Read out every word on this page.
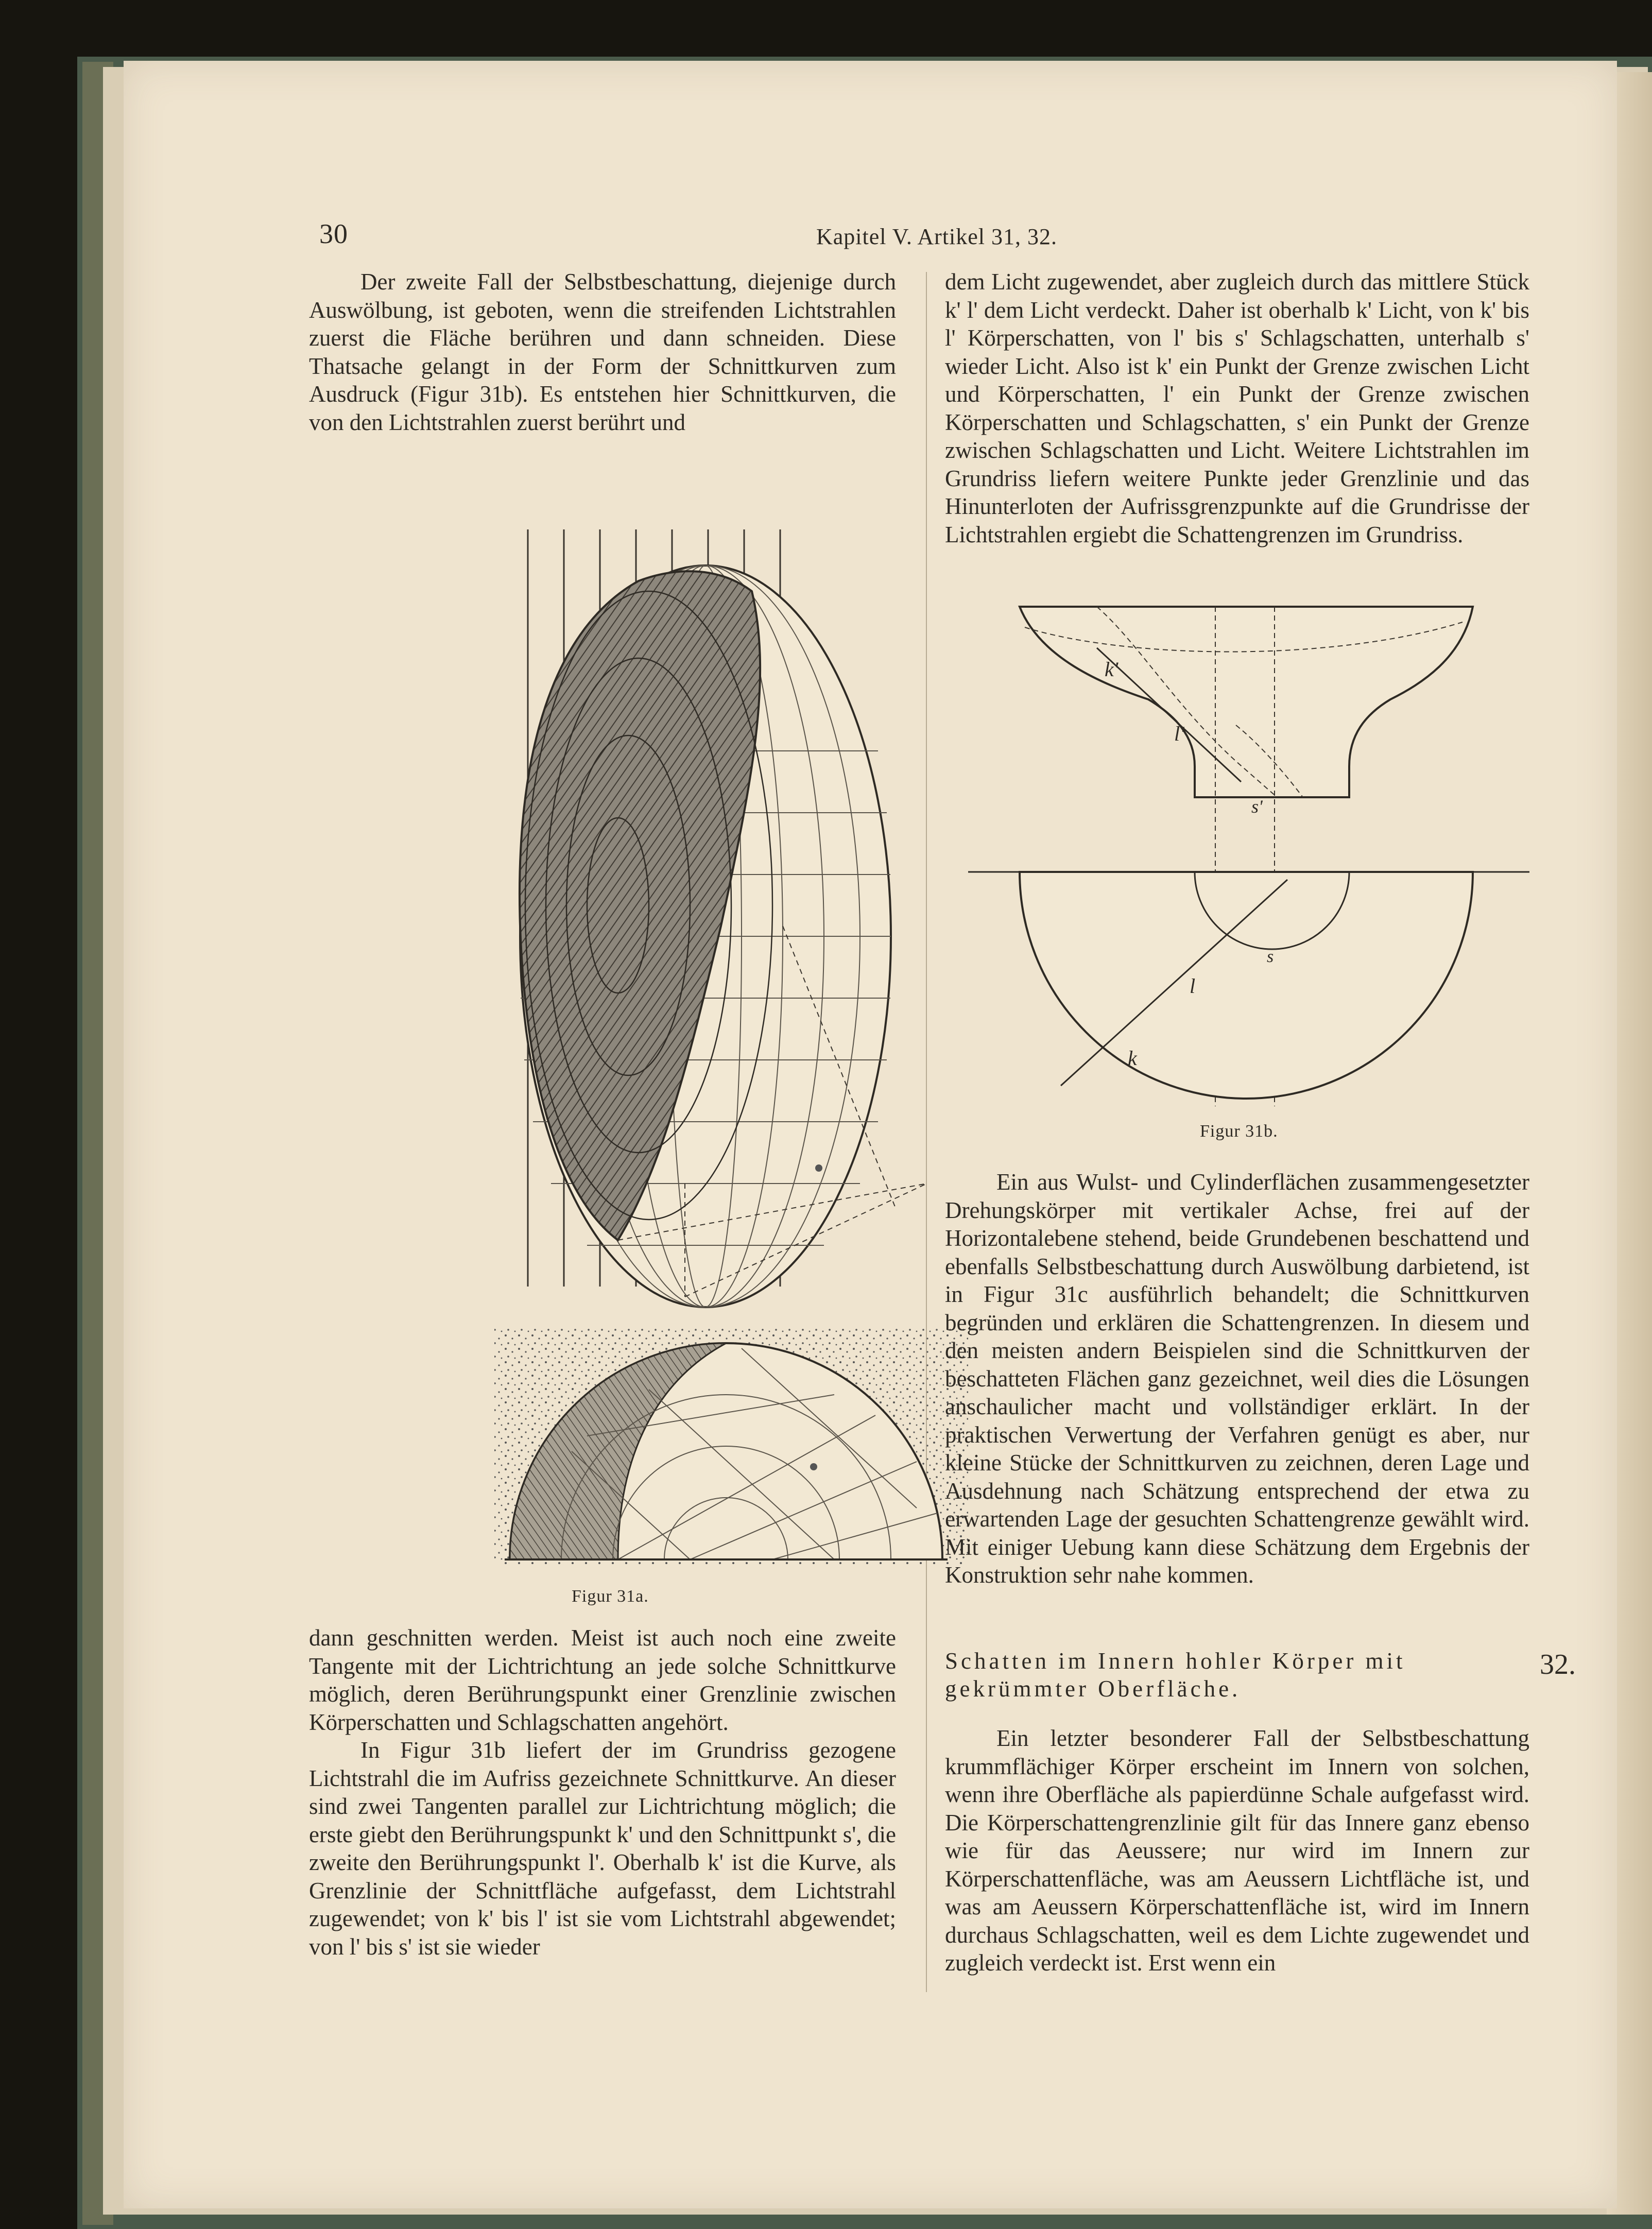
30	Kapitel V. Artikel 31, 32.

Der zweite Fall der Selbstbeschattung, diejenige durch Auswölbung, ist geboten, wenn die streifenden Lichtstrahlen zuerst die Fläche berühren und dann schneiden. Diese Thatsache gelangt in der Form der Schnittkurven zum Ausdruck (Figur 31b). Es entstehen hier Schnittkurven, die von den Lichtstrahlen zuerst berührt und

Figur 31a.

dann geschnitten werden. Meist ist auch noch eine zweite Tangente mit der Lichtrichtung an jede solche Schnittkurve möglich, deren Berührungspunkt einer Grenzlinie zwischen Körperschatten und Schlagschatten angehört.

In Figur 31b liefert der im Grundriss gezogene Lichtstrahl die im Aufriss gezeichnete Schnittkurve. An dieser sind zwei Tangenten parallel zur Lichtrichtung möglich; die erste giebt den Berührungspunkt k' und den Schnittpunkt s', die zweite den Berührungspunkt l'. Oberhalb k' ist die Kurve, als Grenzlinie der Schnittfläche aufgefasst, dem Lichtstrahl zugewendet; von k' bis l' ist sie vom Lichtstrahl abgewendet; von l' bis s' ist sie wieder

dem Licht zugewendet, aber zugleich durch das mittlere Stück k' l' dem Licht verdeckt. Daher ist oberhalb k' Licht, von k' bis l' Körperschatten, von l' bis s' Schlagschatten, unterhalb s' wieder Licht. Also ist k' ein Punkt der Grenze zwischen Licht und Körperschatten, l' ein Punkt der Grenze zwischen Körperschatten und Schlagschatten, s' ein Punkt der Grenze zwischen Schlagschatten und Licht. Weitere Lichtstrahlen im Grundriss liefern weitere Punkte jeder Grenzlinie und das Hinunterloten der Aufrissgrenzpunkte auf die Grundrisse der Lichtstrahlen ergiebt die Schattengrenzen im Grundriss.

k'
l'
s'
s
l
k
Figur 31b.

Ein aus Wulst- und Cylinderflächen zusammengesetzter Drehungskörper mit vertikaler Achse, frei auf der Horizontalebene stehend, beide Grundebenen beschattend und ebenfalls Selbstbeschattung durch Auswölbung darbietend, ist in Figur 31c ausführlich behandelt; die Schnittkurven begründen und erklären die Schattengrenzen. In diesem und den meisten andern Beispielen sind die Schnittkurven der beschatteten Flächen ganz gezeichnet, weil dies die Lösungen anschaulicher macht und vollständiger erklärt. In der praktischen Verwertung der Verfahren genügt es aber, nur kleine Stücke der Schnittkurven zu zeichnen, deren Lage und Ausdehnung nach Schätzung entsprechend der etwa zu erwartenden Lage der gesuchten Schattengrenze gewählt wird. Mit einiger Uebung kann diese Schätzung dem Ergebnis der Konstruktion sehr nahe kommen.

Schatten im Innern hohler Körper mit gekrümmter Oberfläche.
32.

Ein letzter besonderer Fall der Selbstbeschattung krummflächiger Körper erscheint im Innern von solchen, wenn ihre Oberfläche als papierdünne Schale aufgefasst wird. Die Körperschattengrenzlinie gilt für das Innere ganz ebenso wie für das Aeussere; nur wird im Innern zur Körperschattenfläche, was am Aeussern Lichtfläche ist, und was am Aeussern Körperschattenfläche ist, wird im Innern durchaus Schlagschatten, weil es dem Lichte zugewendet und zugleich verdeckt ist. Erst wenn ein
